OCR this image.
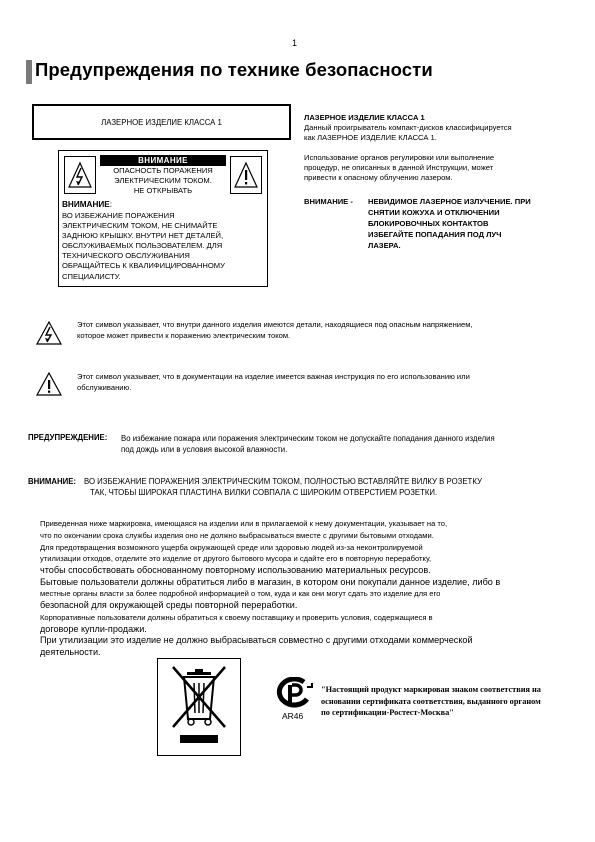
1
Предупреждения по технике безопасности
ЛАЗЕРНОЕ ИЗДЕЛИЕ КЛАССА 1
ВНИМАНИЕ
ОПАСНОСТЬ ПОРАЖЕНИЯ
ЭЛЕКТРИЧЕСКИМ ТОКОМ.
НЕ ОТКРЫВАТЬ
ВНИМАНИЕ:
ВО ИЗБЕЖАНИЕ ПОРАЖЕНИЯ
ЭЛЕКТРИЧЕСКИМ ТОКОМ, НЕ СНИМАЙТЕ
ЗАДНЮЮ КРЫШКУ. ВНУТРИ НЕТ ДЕТАЛЕЙ,
ОБСЛУЖИВАЕМЫХ ПОЛЬЗОВАТЕЛЕМ. ДЛЯ
ТЕХНИЧЕСКОГО ОБСЛУЖИВАНИЯ
ОБРАЩАЙТЕСЬ К КВАЛИФИЦИРОВАННОМУ
СПЕЦИАЛИСТУ.
ЛАЗЕРНОЕ ИЗДЕЛИЕ КЛАССА 1
Данный проигрыватель компакт-дисков классифицируется
как ЛАЗЕРНОЕ ИЗДЕЛИЕ КЛАССА 1.
Использование органов регулировки или выполнение
процедур, не описанных в данной Инструкции, может
привести к опасному облучению лазером.
ВНИМАНИЕ - НЕВИДИМОЕ ЛАЗЕРНОЕ ИЗЛУЧЕНИЕ. ПРИ
СНЯТИИ КОЖУХА И ОТКЛЮЧЕНИИ
БЛОКИРОВОЧНЫХ КОНТАКТОВ
ИЗБЕГАЙТЕ ПОПАДАНИЯ ПОД ЛУЧ
ЛАЗЕРА.
Этот символ указывает, что внутри данного изделия имеются детали, находящиеся под опасным напряжением,
которое может привести к поражению электрическим током.
Этот символ указывает, что в документации на изделие имеется важная инструкция по его использованию или
обслуживанию.
ПРЕДУПРЕЖДЕНИЕ: Во избежание пожара или поражения электрическим током не допускайте попадания данного изделия
под дождь или в условия высокой влажности.
ВНИМАНИЕ: ВО ИЗБЕЖАНИЕ ПОРАЖЕНИЯ ЭЛЕКТРИЧЕСКИМ ТОКОМ, ПОЛНОСТЬЮ ВСТАВЛЯЙТЕ ВИЛКУ В РОЗЕТКУ
ТАК, ЧТОБЫ ШИРОКАЯ ПЛАСТИНА ВИЛКИ СОВПАЛА С ШИРОКИМ ОТВЕРСТИЕМ РОЗЕТКИ.
Приведенная ниже маркировка, имеющаяся на изделии или в прилагаемой к нему документации, указывает на то,
что по окончании срока службы изделия оно не должно выбрасываться вместе с другими бытовыми отходами.
Для предотвращения возможного ущерба окружающей среде или здоровью людей из-за неконтролируемой
утилизации отходов, отделите это изделие от другого бытового мусора и сдайте его в повторную переработку,
чтобы способствовать обоснованному повторному использованию материальных ресурсов.
Бытовые пользователи должны обратиться либо в магазин, в котором они покупали данное изделие, либо в
местные органы власти за более подробной информацией о том, куда и как они могут сдать это изделие для его
безопасной для окружающей среды повторной переработки.
Корпоративные пользователи должны обратиться к своему поставщику и проверить условия, содержащиеся в
договоре купли-продажи.
При утилизации это изделие не должно выбрасываться совместно с другими отходами коммерческой
деятельности.
AR46
"Настоящий продукт маркирован знаком соответствия на
основании сертификата соответствия, выданного органом
по сертификации-Ростест-Москва"
